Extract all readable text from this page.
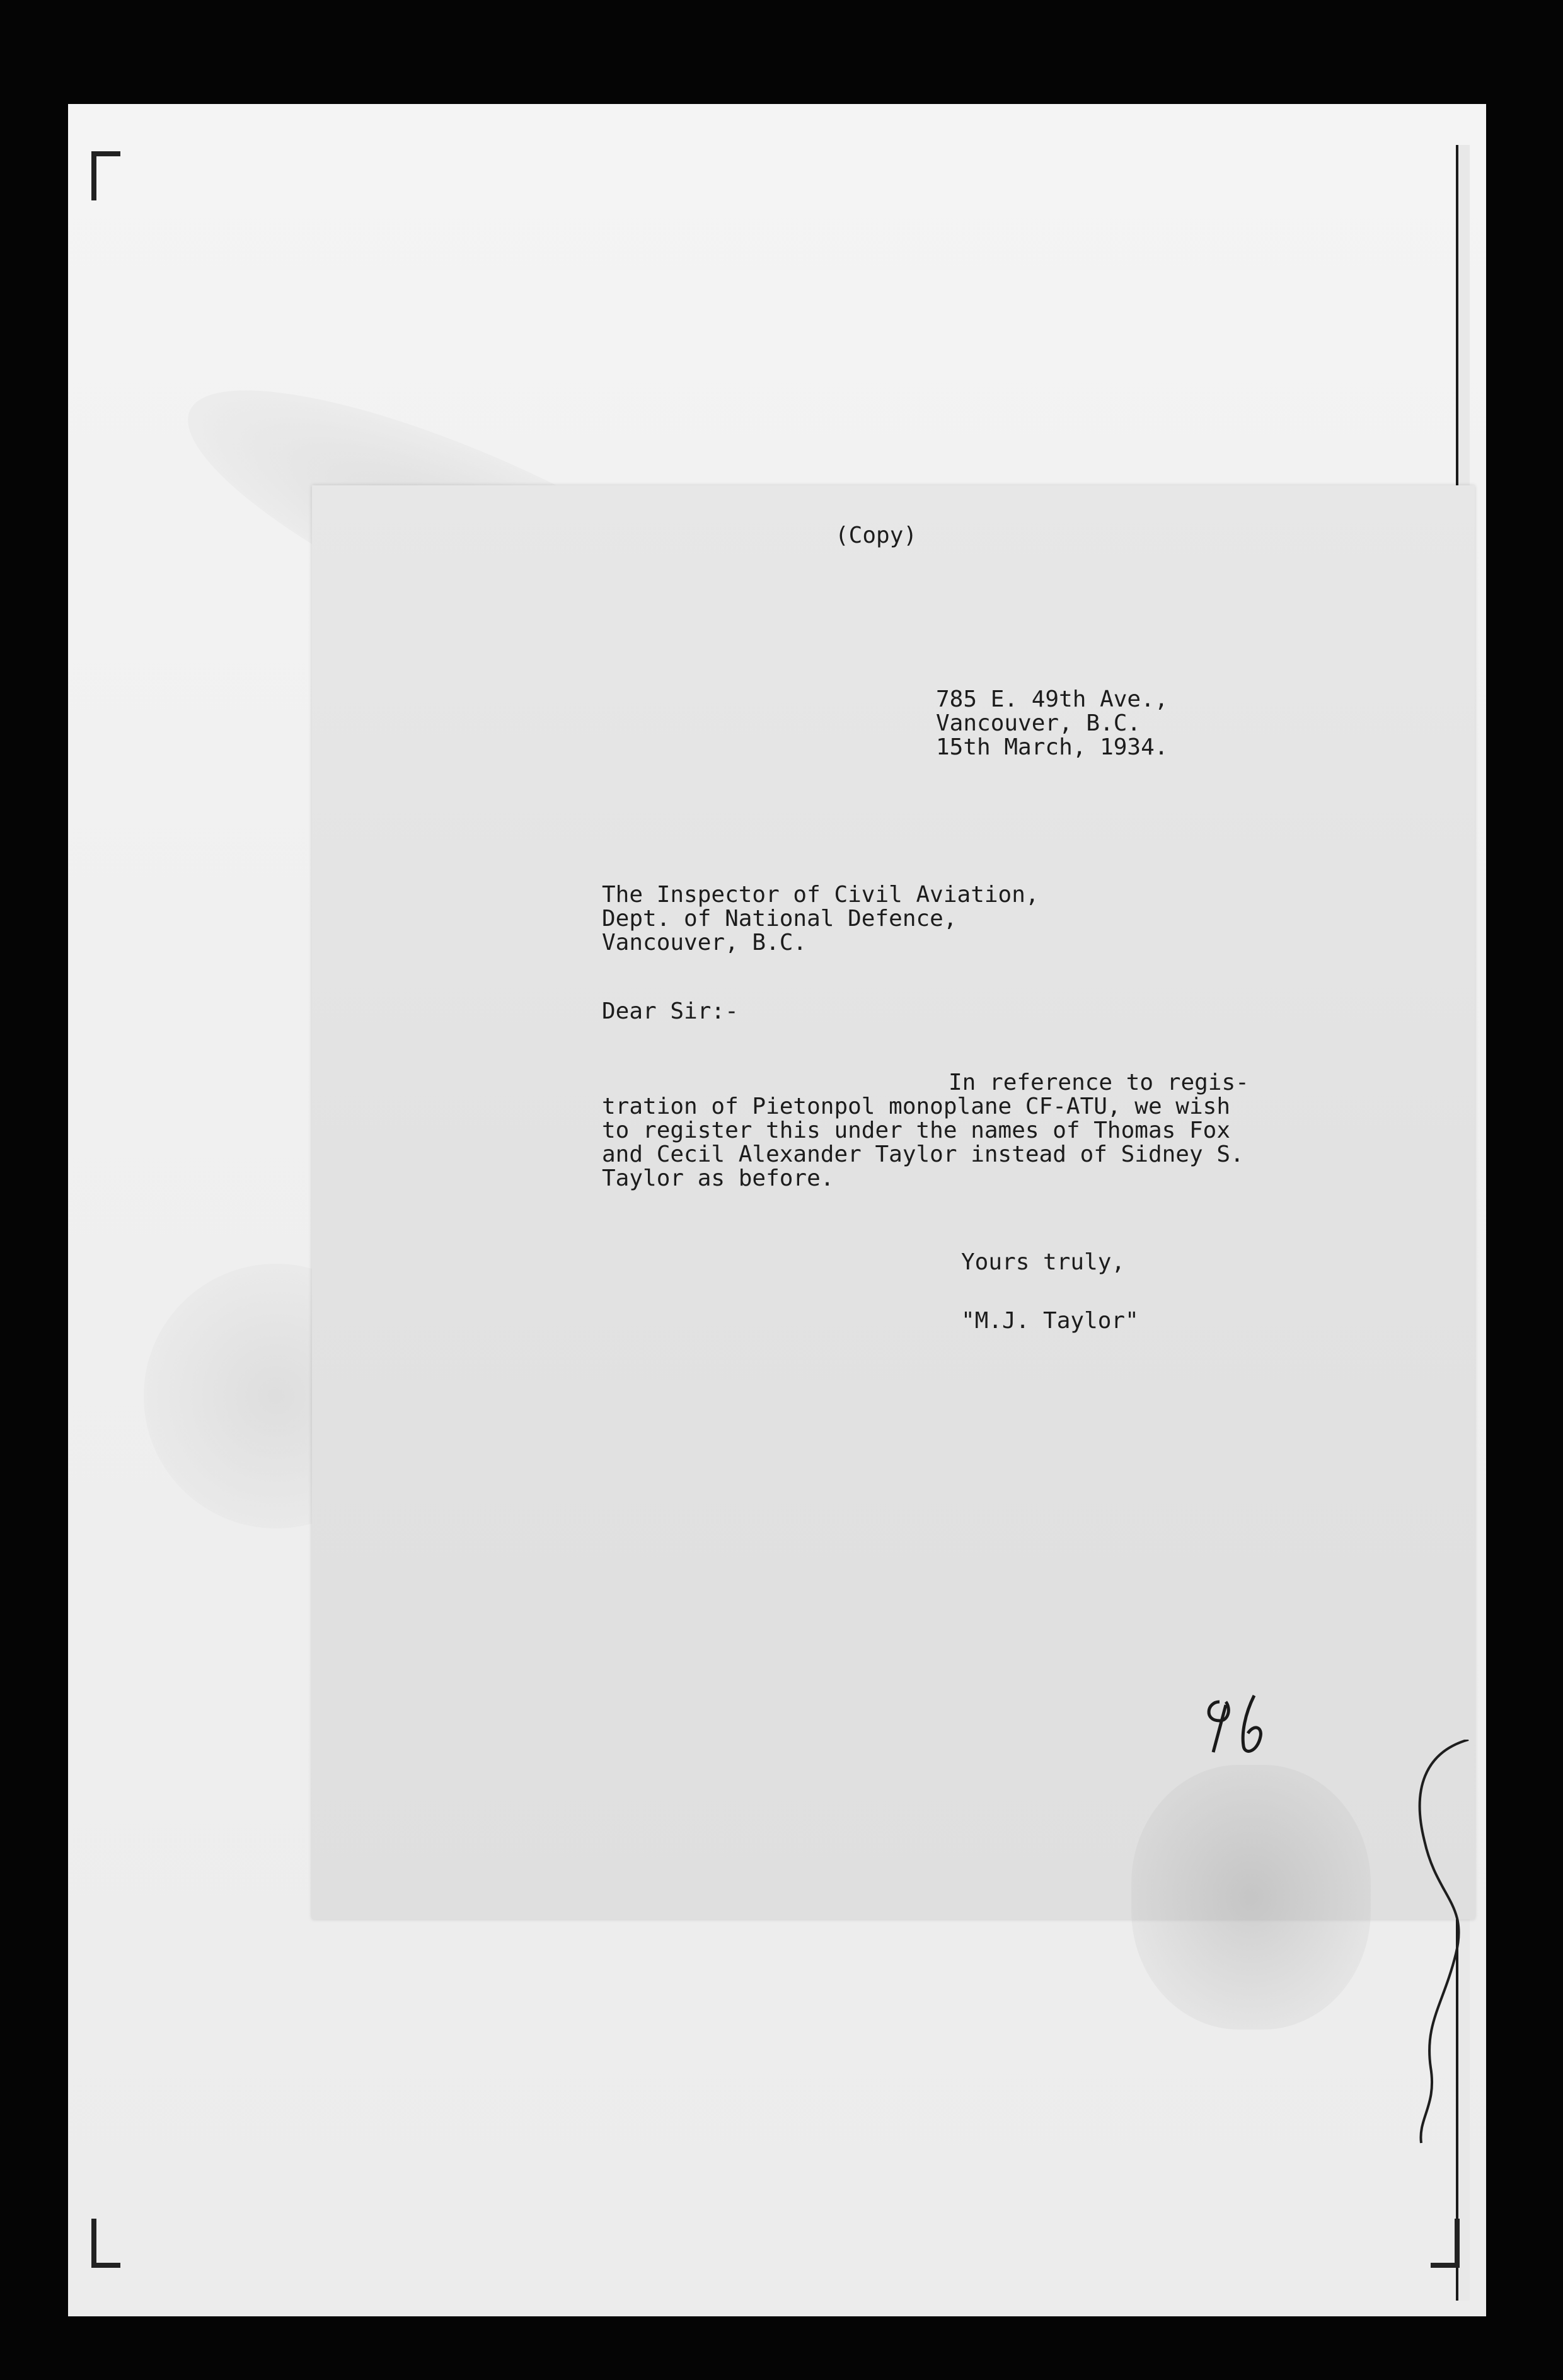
(Copy)
785 E. 49th Ave.,
Vancouver, B.C.
15th March, 1934.
The Inspector of Civil Aviation,
Dept. of National Defence,
Vancouver, B.C.
Dear Sir:-
In reference to regis-
tration of Pietonpol monoplane CF-ATU, we wish
to register this under the names of Thomas Fox
and Cecil Alexander Taylor instead of Sidney S.
Taylor as before.
Yours truly,
"M.J. Taylor"
